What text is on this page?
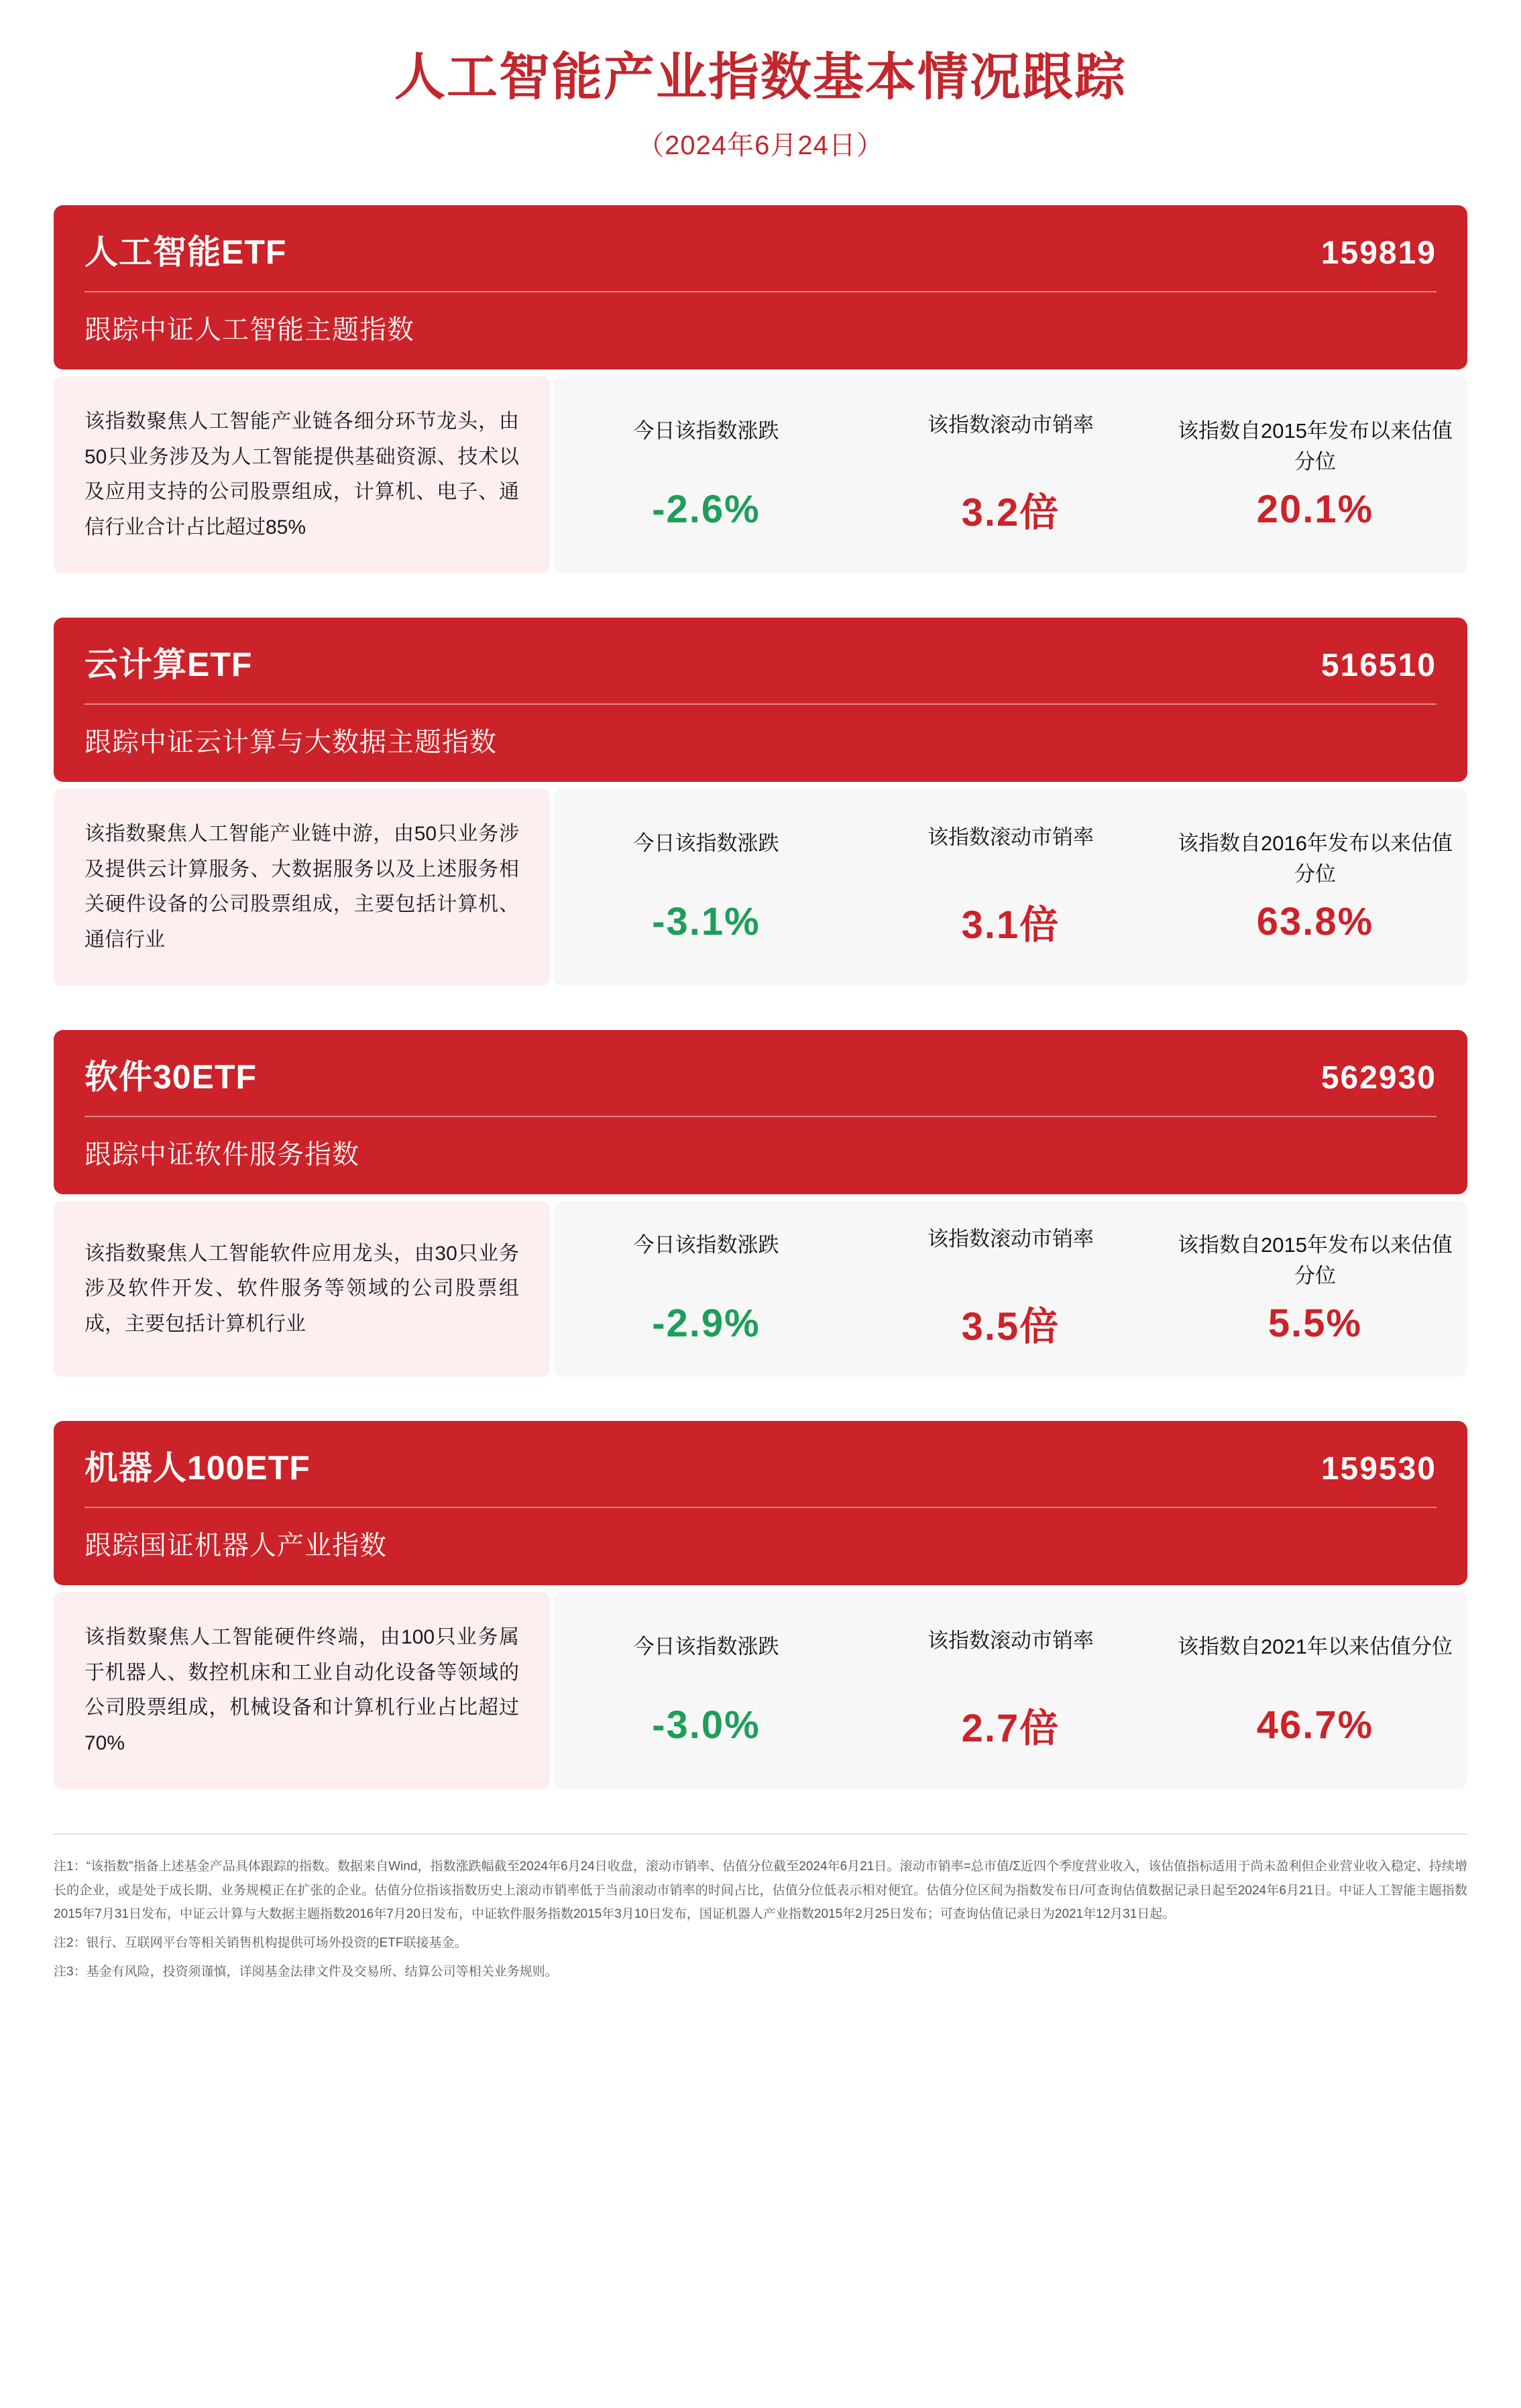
人工智能产业指数基本情况跟踪
（2024年6月24日）
人工智能ETF	159819
跟踪中证人工智能主题指数
该指数聚焦人工智能产业链各细分环节龙头，由50只业务涉及为人工智能提供基础资源、技术以及应用支持的公司股票组成，计算机、电子、通信行业合计占比超过85%
今日该指数涨跌
-2.6%
该指数滚动市销率
3.2倍
该指数自2015年发布以来估值分位
20.1%
云计算ETF	516510
跟踪中证云计算与大数据主题指数
该指数聚焦人工智能产业链中游，由50只业务涉及提供云计算服务、大数据服务以及上述服务相关硬件设备的公司股票组成，主要包括计算机、通信行业
今日该指数涨跌
-3.1%
该指数滚动市销率
3.1倍
该指数自2016年发布以来估值分位
63.8%
软件30ETF	562930
跟踪中证软件服务指数
该指数聚焦人工智能软件应用龙头，由30只业务涉及软件开发、软件服务等领域的公司股票组成，主要包括计算机行业
今日该指数涨跌
-2.9%
该指数滚动市销率
3.5倍
该指数自2015年发布以来估值分位
5.5%
机器人100ETF	159530
跟踪国证机器人产业指数
该指数聚焦人工智能硬件终端，由100只业务属于机器人、数控机床和工业自动化设备等领域的公司股票组成，机械设备和计算机行业占比超过70%
今日该指数涨跌
-3.0%
该指数滚动市销率
2.7倍
该指数自2021年以来估值分位
46.7%
注1：“该指数”指备上述基金产品具体跟踪的指数。数据来自Wind，指数涨跌幅截至2024年6月24日收盘，滚动市销率、估值分位截至2024年6月21日。滚动市销率=总市值/Σ近四个季度营业收入，该估值指标适用于尚未盈利但企业营业收入稳定、持续增长的企业，或是处于成长期、业务规模正在扩张的企业。估值分位指该指数历史上滚动市销率低于当前滚动市销率的时间占比，估值分位低表示相对便宜。估值分位区间为指数发布日/可查询估值数据记录日起至2024年6月21日。中证人工智能主题指数2015年7月31日发布，中证云计算与大数据主题指数2016年7月20日发布，中证软件服务指数2015年3月10日发布，国证机器人产业指数2015年2月25日发布；可查询估值记录日为2021年12月31日起。
注2：银行、互联网平台等相关销售机构提供可场外投资的ETF联接基金。
注3：基金有风险，投资须谨慎，详阅基金法律文件及交易所、结算公司等相关业务规则。
